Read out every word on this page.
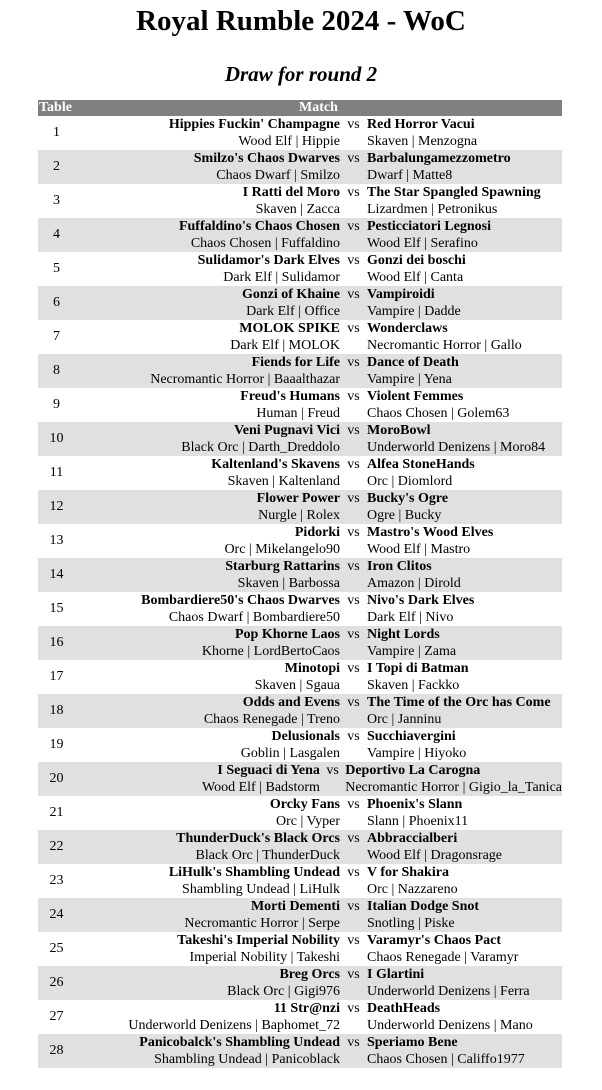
Royal Rumble 2024 - WoC
Draw for round 2
Table	Match
1	Hippies Fuckin' Champagne
Wood Elf | Hippie
vs Red Horror Vacui
Skaven | Menzogna

2	Smilzo's Chaos Dwarves
Chaos Dwarf | Smilzo
vs Barbalungamezzometro
Dwarf | Matte8

3	I Ratti del Moro
Skaven | Zacca
vs The Star Spangled Spawning
Lizardmen | Petronikus

4	Fuffaldino's Chaos Chosen
Chaos Chosen | Fuffaldino
vs Pesticciatori Legnosi
Wood Elf | Serafino

5	Sulidamor's Dark Elves
Dark Elf | Sulidamor
vs Gonzi dei boschi
Wood Elf | Canta

6	Gonzi of Khaine
Dark Elf | Office
vs Vampiroidi
Vampire | Dadde

7	MOLOK SPIKE
Dark Elf | MOLOK
vs Wonderclaws
Necromantic Horror | Gallo

8	Fiends for Life
Necromantic Horror | Baaalthazar
vs Dance of Death
Vampire | Yena

9	Freud's Humans
Human | Freud
vs Violent Femmes
Chaos Chosen | Golem63

10	Veni Pugnavi Vici
Black Orc | Darth_Dreddolo
vs MoroBowl
Underworld Denizens | Moro84

11	Kaltenland's Skavens
Skaven | Kaltenland
vs Alfea StoneHands
Orc | Diomlord

12	Flower Power
Nurgle | Rolex
vs Bucky's Ogre
Ogre | Bucky

13	Pidorki
Orc | Mikelangelo90
vs Mastro's Wood Elves
Wood Elf | Mastro

14	Starburg Rattarins
Skaven | Barbossa
vs Iron Clitos
Amazon | Dirold

15	Bombardiere50's Chaos Dwarves
Chaos Dwarf | Bombardiere50
vs Nivo's Dark Elves
Dark Elf | Nivo

16	Pop Khorne Laos
Khorne | LordBertoCaos
vs Night Lords
Vampire | Zama

17	Minotopi
Skaven | Sgaua
vs I Topi di Batman
Skaven | Fackko

18	Odds and Evens
Chaos Renegade | Treno
vs The Time of the Orc has Come
Orc | Janninu

19	Delusionals
Goblin | Lasgalen
vs Succhiavergini
Vampire | Hiyoko

20	I Seguaci di Yena
Wood Elf | Badstorm
vs Deportivo La Carogna
Necromantic Horror | Gigio_la_Tanica

21	Orcky Fans
Orc | Vyper
vs Phoenix's Slann
Slann | Phoenix11

22	ThunderDuck's Black Orcs
Black Orc | ThunderDuck
vs Abbraccialberi
Wood Elf | Dragonsrage

23	LiHulk's Shambling Undead
Shambling Undead | LiHulk
vs V for Shakira
Orc | Nazzareno

24	Morti Dementi
Necromantic Horror | Serpe
vs Italian Dodge Snot
Snotling | Piske

25	Takeshi's Imperial Nobility
Imperial Nobility | Takeshi
vs Varamyr's Chaos Pact
Chaos Renegade | Varamyr

26	Breg Orcs
Black Orc | Gigi976
vs I Glartini
Underworld Denizens | Ferra

27	11 Str@nzi
Underworld Denizens | Baphomet_72
vs DeathHeads
Underworld Denizens | Mano

28	Panicobalck's Shambling Undead
Shambling Undead | Panicoblack
vs Speriamo Bene
Chaos Chosen | Califfo1977
